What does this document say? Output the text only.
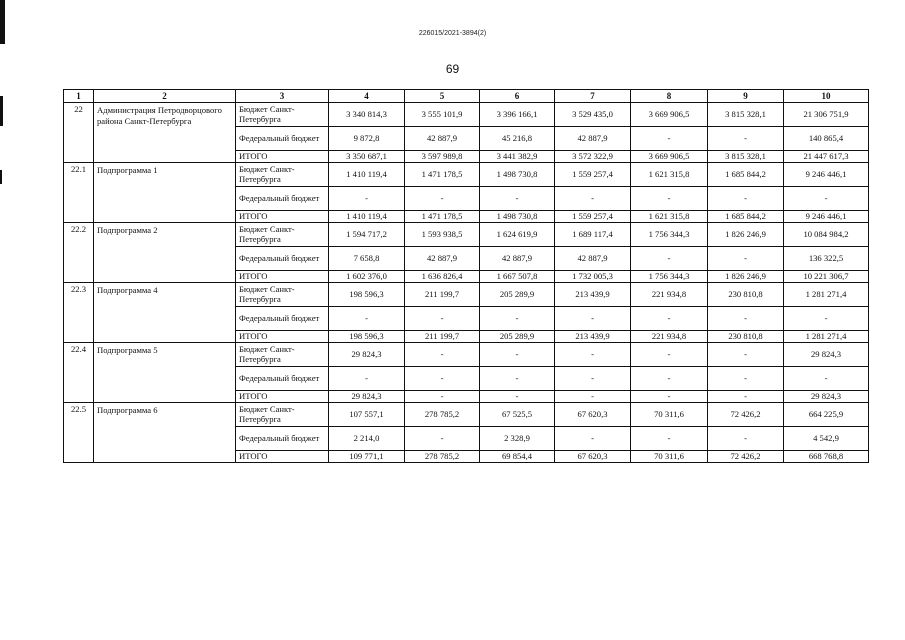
226015/2021-3894(2)
69
1	2	3	4	5	6	7	8	9	10
22	Администрация Петродворцового района Санкт-Петербурга	Бюджет Санкт-Петербурга	3 340 814,3	3 555 101,9	3 396 166,1	3 529 435,0	3 669 906,5	3 815 328,1	21 306 751,9
		Федеральный бюджет	9 872,8	42 887,9	45 216,8	42 887,9	-	-	140 865,4
		ИТОГО	3 350 687,1	3 597 989,8	3 441 382,9	3 572 322,9	3 669 906,5	3 815 328,1	21 447 617,3
22.1	Подпрограмма 1	Бюджет Санкт-Петербурга	1 410 119,4	1 471 178,5	1 498 730,8	1 559 257,4	1 621 315,8	1 685 844,2	9 246 446,1
		Федеральный бюджет	-	-	-	-	-	-	-
		ИТОГО	1 410 119,4	1 471 178,5	1 498 730,8	1 559 257,4	1 621 315,8	1 685 844,2	9 246 446,1
22.2	Подпрограмма 2	Бюджет Санкт-Петербурга	1 594 717,2	1 593 938,5	1 624 619,9	1 689 117,4	1 756 344,3	1 826 246,9	10 084 984,2
		Федеральный бюджет	7 658,8	42 887,9	42 887,9	42 887,9	-	-	136 322,5
		ИТОГО	1 602 376,0	1 636 826,4	1 667 507,8	1 732 005,3	1 756 344,3	1 826 246,9	10 221 306,7
22.3	Подпрограмма 4	Бюджет Санкт-Петербурга	198 596,3	211 199,7	205 289,9	213 439,9	221 934,8	230 810,8	1 281 271,4
		Федеральный бюджет	-	-	-	-	-	-	-
		ИТОГО	198 596,3	211 199,7	205 289,9	213 439,9	221 934,8	230 810,8	1 281 271,4
22.4	Подпрограмма 5	Бюджет Санкт-Петербурга	29 824,3	-	-	-	-	-	29 824,3
		Федеральный бюджет	-	-	-	-	-	-	-
		ИТОГО	29 824,3	-	-	-	-	-	29 824,3
22.5	Подпрограмма 6	Бюджет Санкт-Петербурга	107 557,1	278 785,2	67 525,5	67 620,3	70 311,6	72 426,2	664 225,9
		Федеральный бюджет	2 214,0	-	2 328,9	-	-	-	4 542,9
		ИТОГО	109 771,1	278 785,2	69 854,4	67 620,3	70 311,6	72 426,2	668 768,8
